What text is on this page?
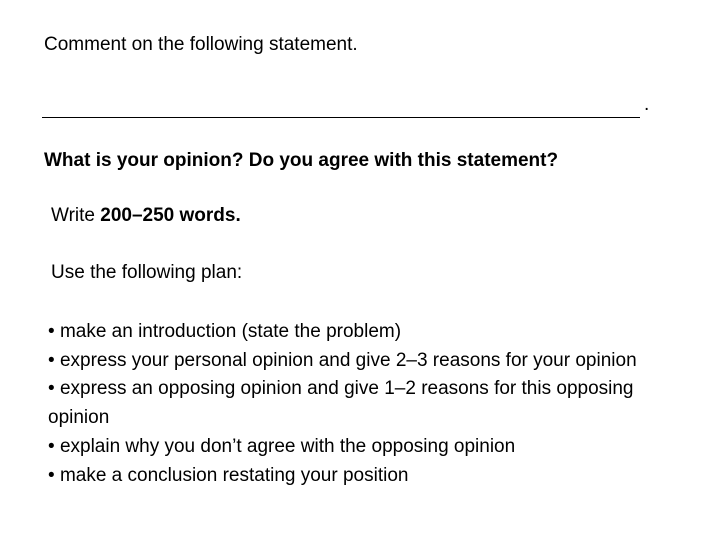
Comment on the following statement.
.
What is your opinion? Do you agree with this statement?
Write 200–250 words.
Use the following plan:
• make an introduction (state the problem)
• express your personal opinion and give 2–3 reasons for your opinion
• express an opposing opinion and give 1–2 reasons for this opposing opinion
• explain why you don’t agree with the opposing opinion
• make a conclusion restating your position
